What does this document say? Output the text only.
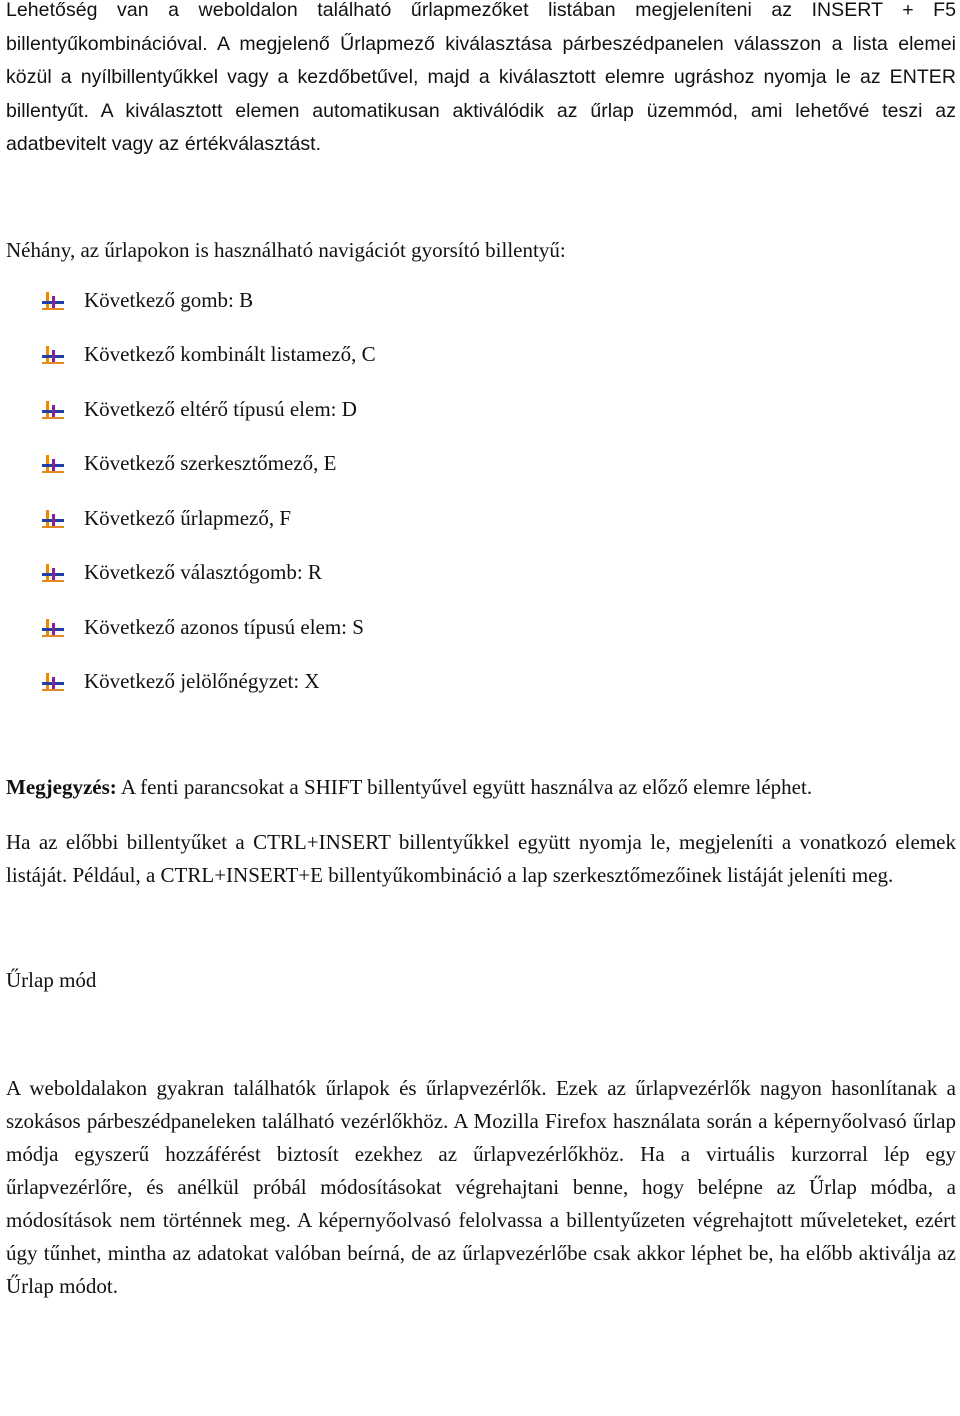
Lehetőség van a weboldalon található űrlapmezőket listában megjeleníteni az INSERT + F5 billentyűkombinációval. A megjelenő Űrlapmező kiválasztása párbeszédpanelen válasszon a lista elemei közül a nyílbillentyűkkel vagy a kezdőbetűvel, majd a kiválasztott elemre ugráshoz nyomja le az ENTER billentyűt. A kiválasztott elemen automatikusan aktiválódik az űrlap üzemmód, ami lehetővé teszi az adatbevitelt vagy az értékválasztást.

Néhány, az űrlapokon is használható navigációt gyorsító billentyű:

Következő gomb: B
Következő kombinált listamező, C
Következő eltérő típusú elem: D
Következő szerkesztőmező, E
Következő űrlapmező, F
Következő választógomb: R
Következő azonos típusú elem: S
Következő jelölőnégyzet: X

Megjegyzés: A fenti parancsokat a SHIFT billentyűvel együtt használva az előző elemre léphet.

Ha az előbbi billentyűket a CTRL+INSERT billentyűkkel együtt nyomja le, megjeleníti a vonatkozó elemek listáját. Például, a CTRL+INSERT+E billentyűkombináció a lap szerkesztőmezőinek listáját jeleníti meg.

Űrlap mód

A weboldalakon gyakran találhatók űrlapok és űrlapvezérlők. Ezek az űrlapvezérlők nagyon hasonlítanak a szokásos párbeszédpaneleken található vezérlőkhöz. A Mozilla Firefox használata során a képernyőolvasó űrlap módja egyszerű hozzáférést biztosít ezekhez az űrlapvezérlőkhöz. Ha a virtuális kurzorral lép egy űrlapvezérlőre, és anélkül próbál módosításokat végrehajtani benne, hogy belépne az Űrlap módba, a módosítások nem történnek meg. A képernyőolvasó felolvassa a billentyűzeten végrehajtott műveleteket, ezért úgy tűnhet, mintha az adatokat valóban beírná, de az űrlapvezérlőbe csak akkor léphet be, ha előbb aktiválja az Űrlap módot.
